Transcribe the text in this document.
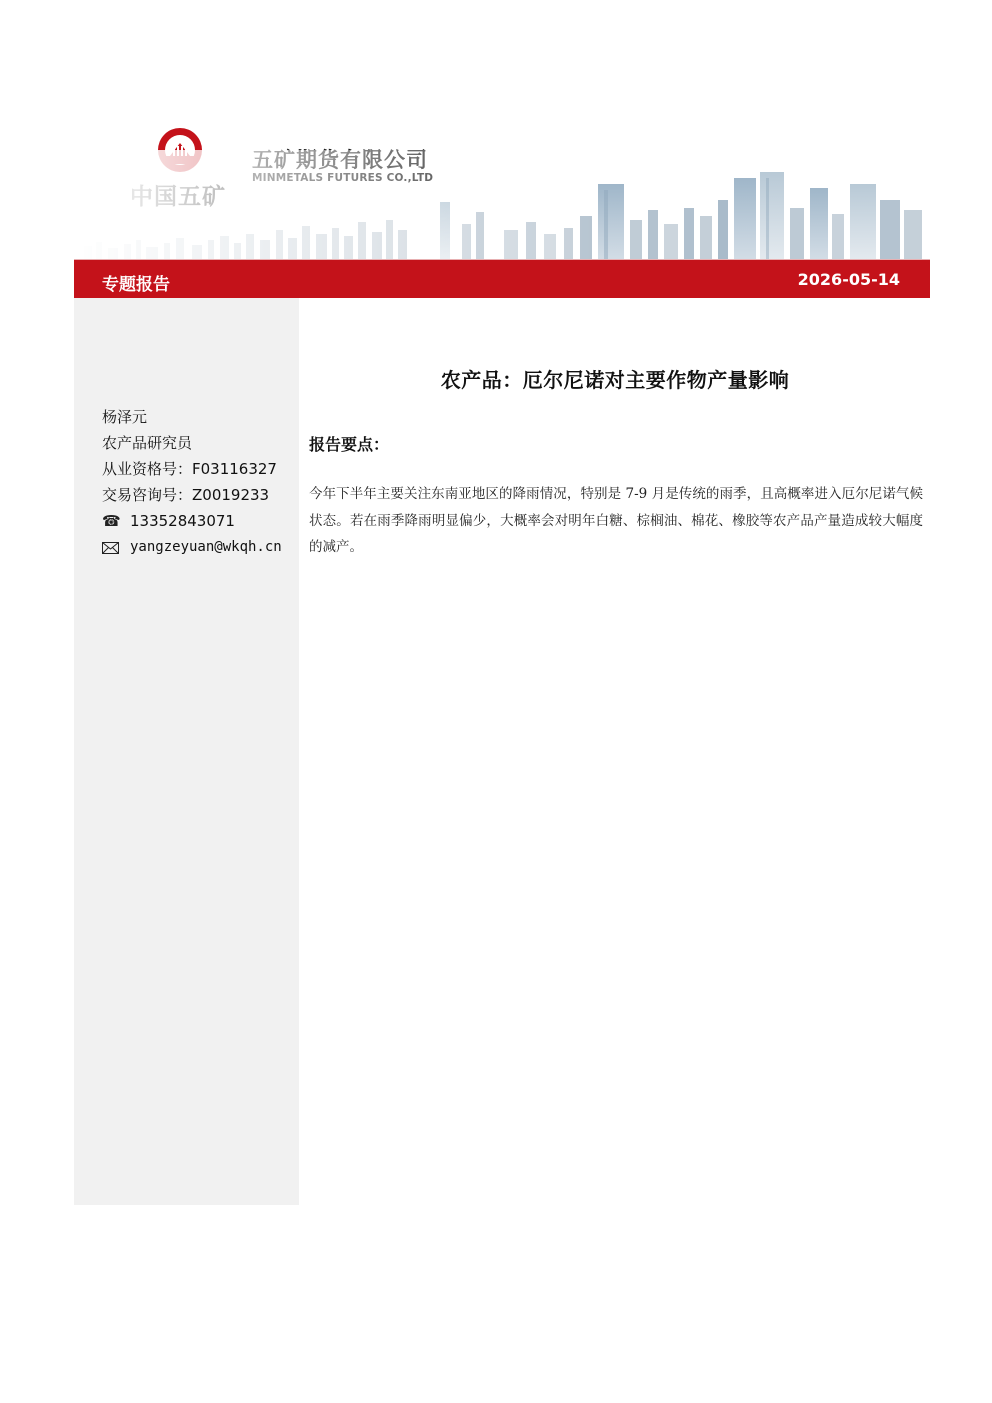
专题报告	2026-05-14
杨泽元
农产品研究员
从业资格号：F03116327
交易咨询号：Z0019233
☎ 13352843071
yangzeyuan@wkqh.cn
农产品：厄尔尼诺对主要作物产量影响
报告要点：
今年下半年主要关注东南亚地区的降雨情况，特别是 7-9 月是传统的雨季，且高概率进入厄尔尼诺气候状态。若在雨季降雨明显偏少，大概率会对明年白糖、棕榈油、棉花、橡胶等农产品产量造成较大幅度的减产。
